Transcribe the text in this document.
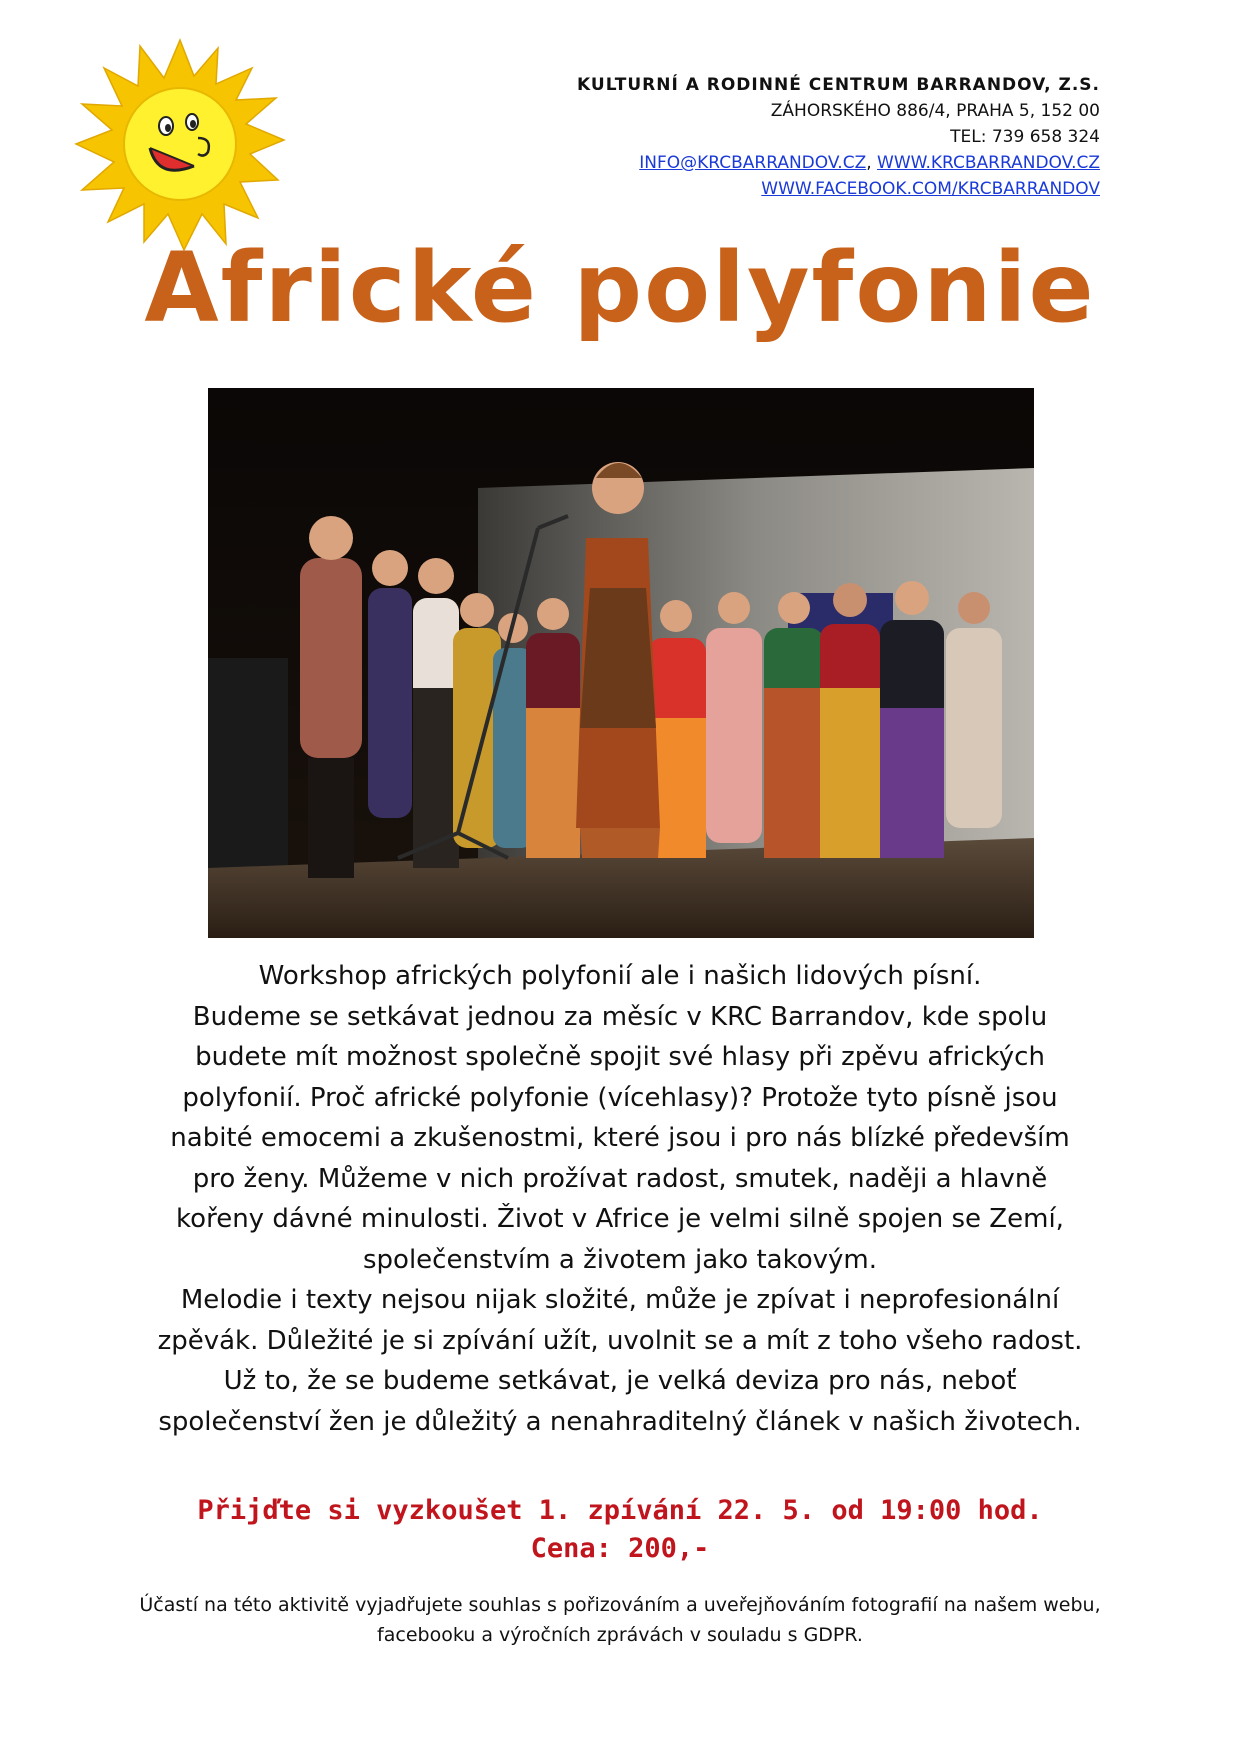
KULTURNÍ A RODINNÉ CENTRUM BARRANDOV, Z.S.
ZÁHORSKÉHO 886/4, PRAHA 5, 152 00
TEL: 739 658 324
INFO@KRCBARRANDOV.CZ, WWW.KRCBARRANDOV.CZ
WWW.FACEBOOK.COM/KRCBARRANDOV
Africké polyfonie

Workshop afrických polyfonií ale i našich lidových písní.

Budeme se setkávat jednou za měsíc v KRC Barrandov, kde spolu

budete mít možnost společně spojit své hlasy při zpěvu afrických

polyfonií. Proč africké polyfonie (vícehlasy)? Protože tyto písně jsou

nabité emocemi a zkušenostmi, které jsou i pro nás blízké především

pro ženy. Můžeme v nich prožívat radost, smutek, naději a hlavně

kořeny dávné minulosti. Život v Africe je velmi silně spojen se Zemí,

společenstvím a životem jako takovým.

Melodie i texty nejsou nijak složité, může je zpívat i neprofesionální

zpěvák. Důležité je si zpívání užít, uvolnit se a mít z toho všeho radost.

Už to, že se budeme setkávat, je velká deviza pro nás, neboť

společenství žen je důležitý a nenahraditelný článek v našich životech.

Přijďte si vyzkoušet 1. zpívání 22. 5. od 19:00 hod.

Cena: 200,-

Účastí na této aktivitě vyjadřujete souhlas s pořizováním a uveřejňováním fotografií na našem webu, facebooku a výročních zprávách v souladu s GDPR.
